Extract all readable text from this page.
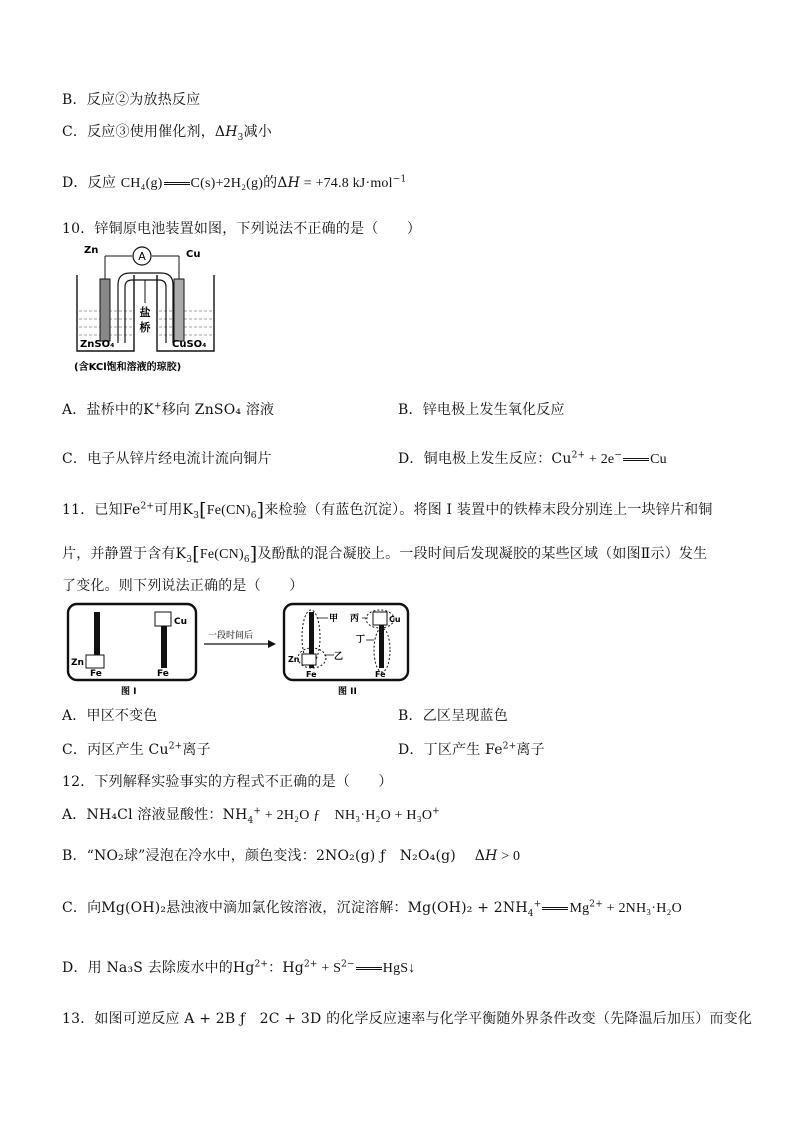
B．反应②为放热反应
C．反应③使用催化剂，$\Delta H_3$减小
D．反应 CH₄(g) C(s)+2H₂(g)的ΔH = +74.8 kJ·mol$^{-1}$
10．锌铜原电池装置如图，下列说法不正确的是（　　）
A
Zn	Cu
盐
桥
ZnSO₄	CuSO₄
(含KCl饱和溶液的琼胶)
A．盐桥中的K+移向 ZnSO₄ 溶液	B．锌电极上发生氧化反应
C．电子从锌片经电流计流向铜片	D．铜电极上发生反应：$Cu^{2+} + 2e^-$ Cu
11．已知$Fe^{2+}$可用$K_3[Fe(CN)_6]$来检验（有蓝色沉淀）。将图 I 装置中的铁棒末段分别连上一块锌片和铜
片，并静置于含有$K_3[Fe(CN)_6]$及酚酞的混合凝胶上。一段时间后发现凝胶的某些区域（如图Ⅱ示）发生
了变化。则下列说法正确的是（　　）
Zn
Fe
Cu
Fe
图 I
一段时间后
甲
乙
丙
丁
Zn
Fe
Cu
Fe
图 II
A．甲区不变色	B．乙区呈现蓝色
C．丙区产生 $Cu^{2+}$离子	D．丁区产生 $Fe^{2+}$离子
12．下列解释实验事实的方程式不正确的是（　　）
A．NH₄Cl 溶液显酸性：$NH_4^+ + 2H_2O$ ƒ　NH₃·H₂O + H₃O+
B．“NO₂球”浸泡在冷水中，颜色变浅：2NO₂(g) ƒ　N₂O₄(g)　 ΔH > 0
C．向Mg(OH)₂悬浊液中滴加氯化铵溶液，沉淀溶解：$Mg(OH)_2 + 2NH_4^+$ $Mg^{2+} + 2NH_3\cdot H_2O$
D．用 Na₃S 去除废水中的$Hg^{2+}$：$Hg^{2+} + S^{2-}$ HgS↓
13．如图可逆反应 A + 2B ƒ　2C + 3D 的化学反应速率与化学平衡随外界条件改变（先降温后加压）而变化
